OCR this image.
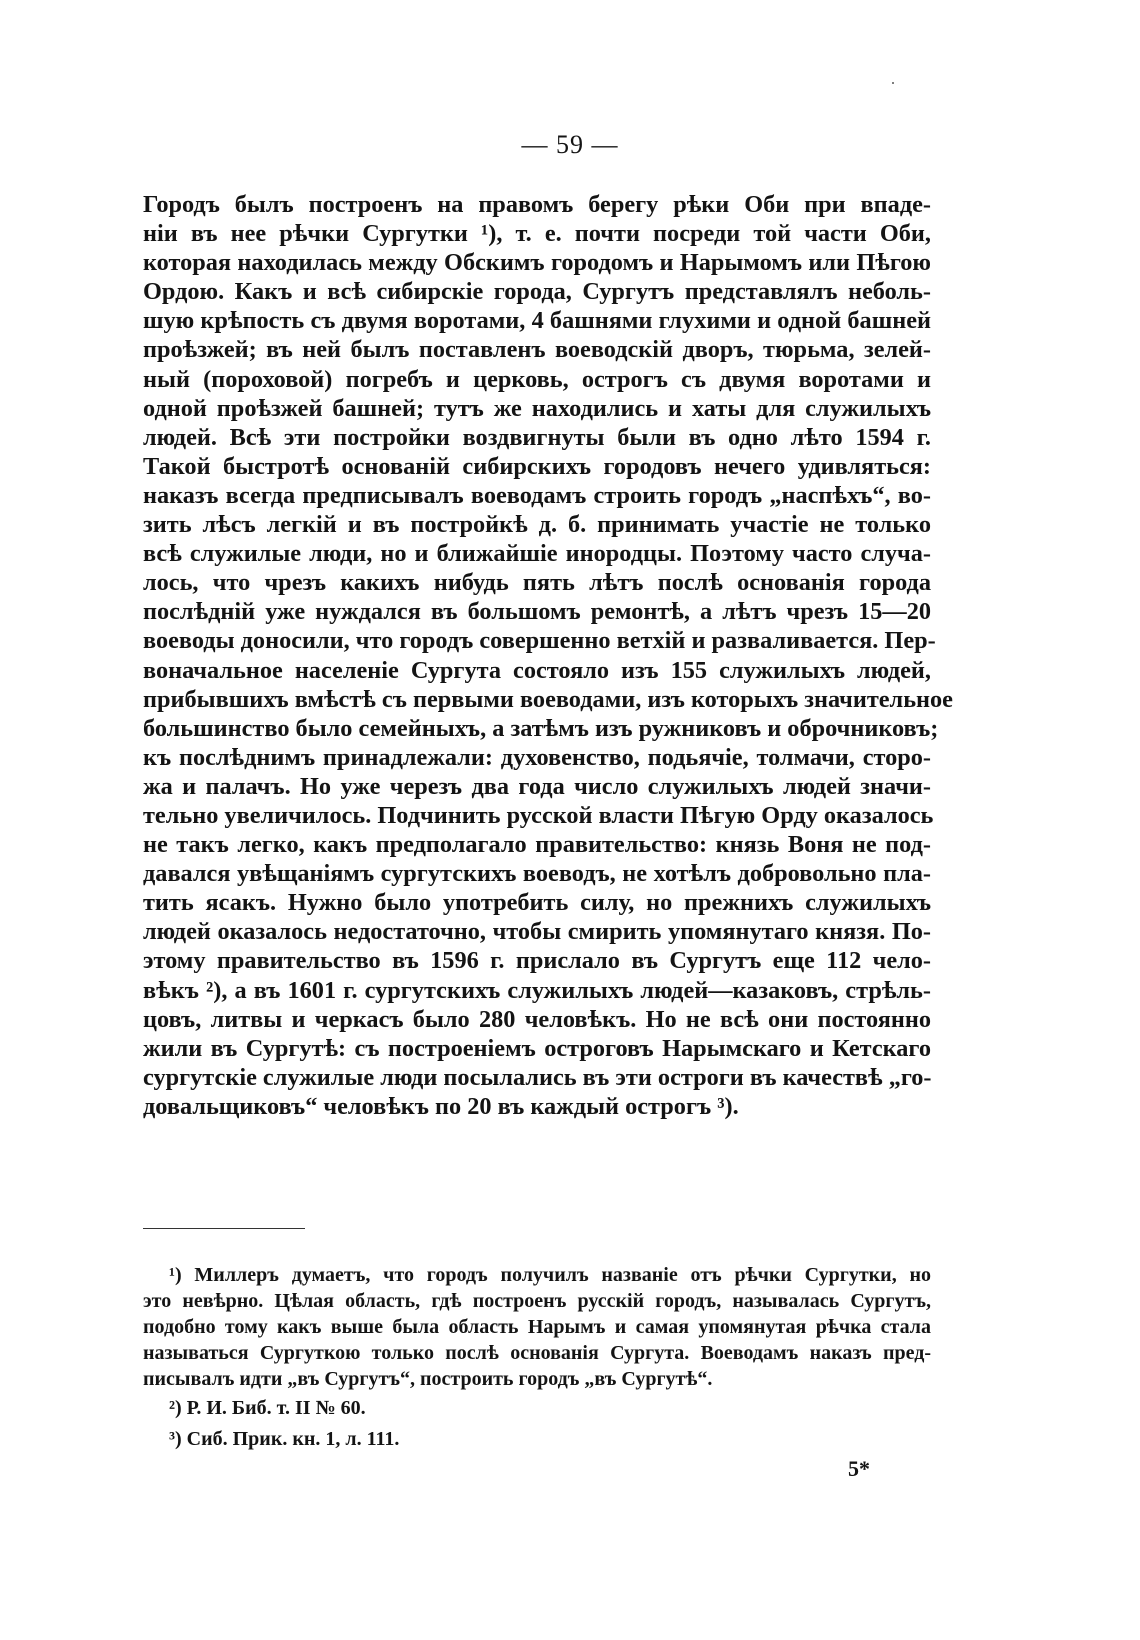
— 59 —
Городъ былъ построенъ на правомъ берегу рѣки Оби при впаде-
ніи въ нее рѣчки Сургутки ¹), т. е. почти посреди той части Оби,
которая находилась между Обскимъ городомъ и Нарымомъ или Пѣгою
Ордою. Какъ и всѣ сибирскіе города, Сургутъ представлялъ неболь-
шую крѣпость съ двумя воротами, 4 башнями глухими и одной башней
проѣзжей; въ ней былъ поставленъ воеводскій дворъ, тюрьма, зелей-
ный (пороховой) погребъ и церковь, острогъ съ двумя воротами и
одной проѣзжей башней; тутъ же находились и хаты для служилыхъ
людей. Всѣ эти постройки воздвигнуты были въ одно лѣто 1594 г.
Такой быстротѣ основаній сибирскихъ городовъ нечего удивляться:
наказъ всегда предписывалъ воеводамъ строить городъ „наспѣхъ“, во-
зить лѣсъ легкій и въ постройкѣ д. б. принимать участіе не только
всѣ служилые люди, но и ближайшіе инородцы. Поэтому часто случа-
лось, что чрезъ какихъ нибудь пять лѣтъ послѣ основанія города
послѣдній уже нуждался въ большомъ ремонтѣ, а лѣтъ чрезъ 15—20
воеводы доносили, что городъ совершенно ветхій и разваливается. Пер-
воначальное населеніе Сургута состояло изъ 155 служилыхъ людей,
прибывшихъ вмѣстѣ съ первыми воеводами, изъ которыхъ значительное
большинство было семейныхъ, а затѣмъ изъ ружниковъ и оброчниковъ;
къ послѣднимъ принадлежали: духовенство, подьячіе, толмачи, сторо-
жа и палачъ. Но уже черезъ два года число служилыхъ людей значи-
тельно увеличилось. Подчинить русской власти Пѣгую Орду оказалось
не такъ легко, какъ предполагало правительство: князь Воня не под-
давался увѣщаніямъ сургутскихъ воеводъ, не хотѣлъ добровольно пла-
тить ясакъ. Нужно было употребить силу, но прежнихъ служилыхъ
людей оказалось недостаточно, чтобы смирить упомянутаго князя. По-
этому правительство въ 1596 г. прислало въ Сургутъ еще 112 чело-
вѣкъ ²), а въ 1601 г. сургутскихъ служилыхъ людей—казаковъ, стрѣль-
цовъ, литвы и черкасъ было 280 человѣкъ. Но не всѣ они постоянно
жили въ Сургутѣ: съ построеніемъ остроговъ Нарымскаго и Кетскаго
сургутскіе служилые люди посылались въ эти остроги въ качествѣ „го-
довальщиковъ“ человѣкъ по 20 въ каждый острогъ ³).
¹) Миллеръ думаетъ, что городъ получилъ названіе отъ рѣчки Сургутки, но
это невѣрно. Цѣлая область, гдѣ построенъ русскій городъ, называлась Сургутъ,
подобно тому какъ выше была область Нарымъ и самая упомянутая рѣчка стала
называться Сургуткою только послѣ основанія Сургута. Воеводамъ наказъ пред-
писывалъ идти „въ Сургутъ“, построить городъ „въ Сургутѣ“.
²) Р. И. Биб. т. II № 60.
³) Сиб. Прик. кн. 1, л. 111.
5*
